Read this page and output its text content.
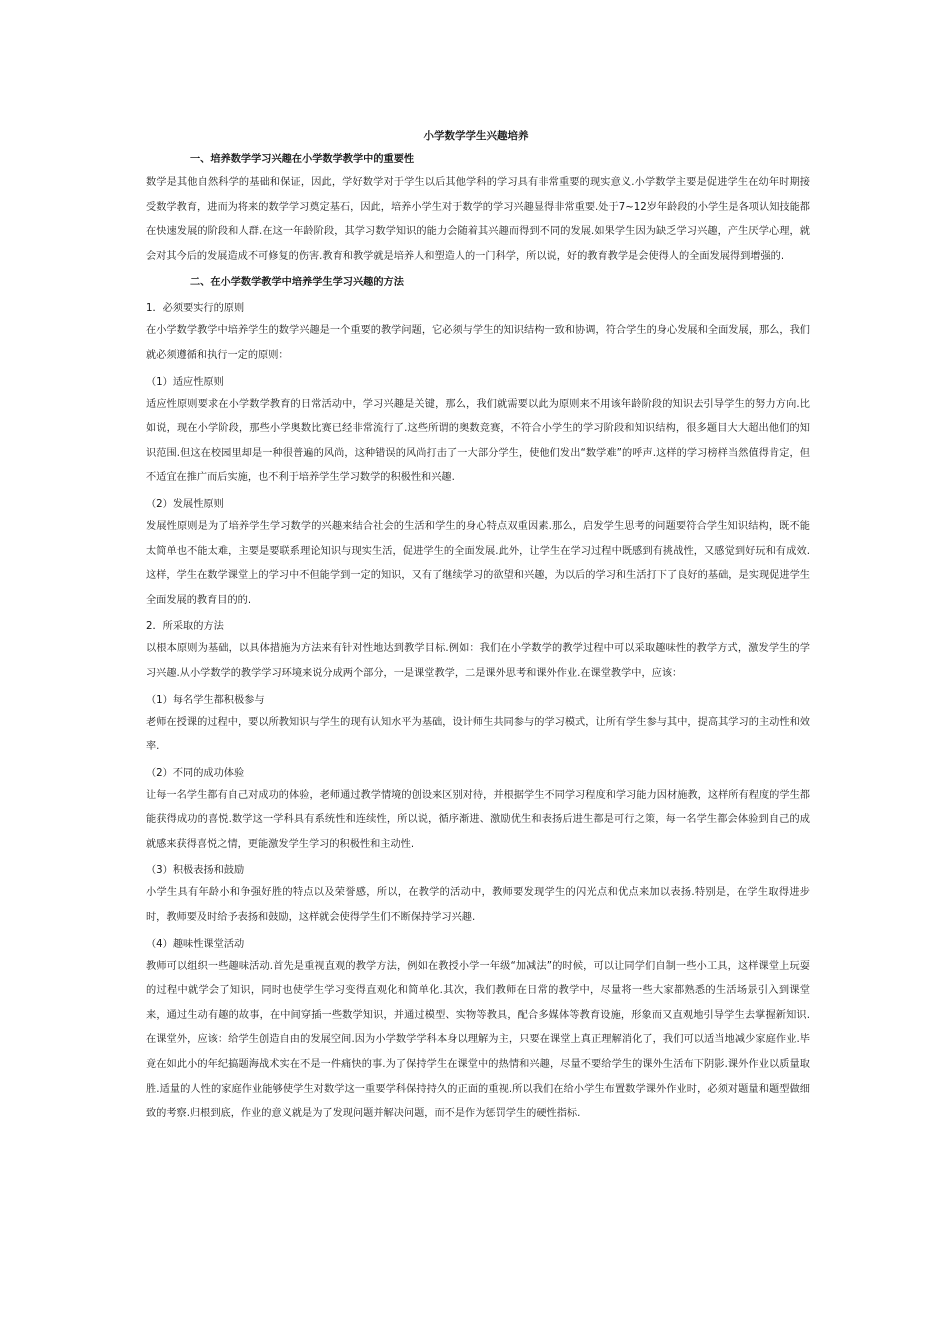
小学数学学生兴趣培养
一、培养数学学习兴趣在小学数学教学中的重要性
数学是其他自然科学的基础和保证，因此，学好数学对于学生以后其他学科的学习具有非常重要的现实意义.小学数学主要是促进学生在幼年时期接受数学教育，进而为将来的数学学习奠定基石，因此，培养小学生对于数学的学习兴趣显得非常重要.处于7~12岁年龄段的小学生是各项认知技能都在快速发展的阶段和人群.在这一年龄阶段，其学习数学知识的能力会随着其兴趣而得到不同的发展.如果学生因为缺乏学习兴趣，产生厌学心理，就会对其今后的发展造成不可修复的伤害.教育和教学就是培养人和塑造人的一门科学，所以说，好的教育教学是会使得人的全面发展得到增强的.
二、在小学数学教学中培养学生学习兴趣的方法
1．必须要实行的原则
在小学数学教学中培养学生的数学兴趣是一个重要的教学问题，它必须与学生的知识结构一致和协调，符合学生的身心发展和全面发展，那么，我们就必须遵循和执行一定的原则：
（1）适应性原则
适应性原则要求在小学数学教育的日常活动中，学习兴趣是关键，那么，我们就需要以此为原则来不用该年龄阶段的知识去引导学生的努力方向.比如说，现在小学阶段，那些小学奥数比赛已经非常流行了.这些所谓的奥数竞赛，不符合小学生的学习阶段和知识结构，很多题目大大超出他们的知识范围.但这在校园里却是一种很普遍的风尚，这种错误的风尚打击了一大部分学生，使他们发出“数学难”的呼声.这样的学习榜样当然值得肯定，但不适宜在推广而后实施，也不利于培养学生学习数学的积极性和兴趣.
（2）发展性原则
发展性原则是为了培养学生学习数学的兴趣来结合社会的生活和学生的身心特点双重因素.那么，启发学生思考的问题要符合学生知识结构，既不能太简单也不能太难，主要是要联系理论知识与现实生活，促进学生的全面发展.此外，让学生在学习过程中既感到有挑战性，又感觉到好玩和有成效.这样，学生在数学课堂上的学习中不但能学到一定的知识，又有了继续学习的欲望和兴趣，为以后的学习和生活打下了良好的基础，是实现促进学生全面发展的教育目的的.
2．所采取的方法
以根本原则为基础，以具体措施为方法来有针对性地达到教学目标.例如：我们在小学数学的教学过程中可以采取趣味性的教学方式，激发学生的学习兴趣.从小学数学的教学学习环境来说分成两个部分，一是课堂教学，二是课外思考和课外作业.在课堂教学中，应该：
（1）每名学生都积极参与
老师在授课的过程中，要以所教知识与学生的现有认知水平为基础，设计师生共同参与的学习模式，让所有学生参与其中，提高其学习的主动性和效率.
（2）不同的成功体验
让每一名学生都有自己对成功的体验，老师通过教学情境的创设来区别对待，并根据学生不同学习程度和学习能力因材施教，这样所有程度的学生都能获得成功的喜悦.数学这一学科具有系统性和连续性，所以说，循序渐进、激励优生和表扬后进生都是可行之策，每一名学生都会体验到自己的成就感来获得喜悦之情，更能激发学生学习的积极性和主动性.
（3）积极表扬和鼓励
小学生具有年龄小和争强好胜的特点以及荣誉感，所以，在教学的活动中，教师要发现学生的闪光点和优点来加以表扬.特别是，在学生取得进步时，教师要及时给予表扬和鼓励，这样就会使得学生们不断保持学习兴趣.
（4）趣味性课堂活动
教师可以组织一些趣味活动.首先是重视直观的教学方法，例如在教授小学一年级“加减法”的时候，可以让同学们自制一些小工具，这样课堂上玩耍的过程中就学会了知识，同时也使学生学习变得直观化和简单化.其次，我们教师在日常的教学中，尽量将一些大家都熟悉的生活场景引入到课堂来，通过生动有趣的故事，在中间穿插一些数学知识，并通过模型、实物等教具，配合多媒体等教育设施，形象而又直观地引导学生去掌握新知识.在课堂外，应该：给学生创造自由的发展空间.因为小学数学学科本身以理解为主，只要在课堂上真正理解消化了，我们可以适当地减少家庭作业.毕竟在如此小的年纪搞题海战术实在不是一件痛快的事.为了保持学生在课堂中的热情和兴趣，尽量不要给学生的课外生活布下阴影.课外作业以质量取胜.适量的人性的家庭作业能够使学生对数学这一重要学科保持持久的正面的重视.所以我们在给小学生布置数学课外作业时，必须对题量和题型做细致的考察.归根到底，作业的意义就是为了发现问题并解决问题，而不是作为惩罚学生的硬性指标.
